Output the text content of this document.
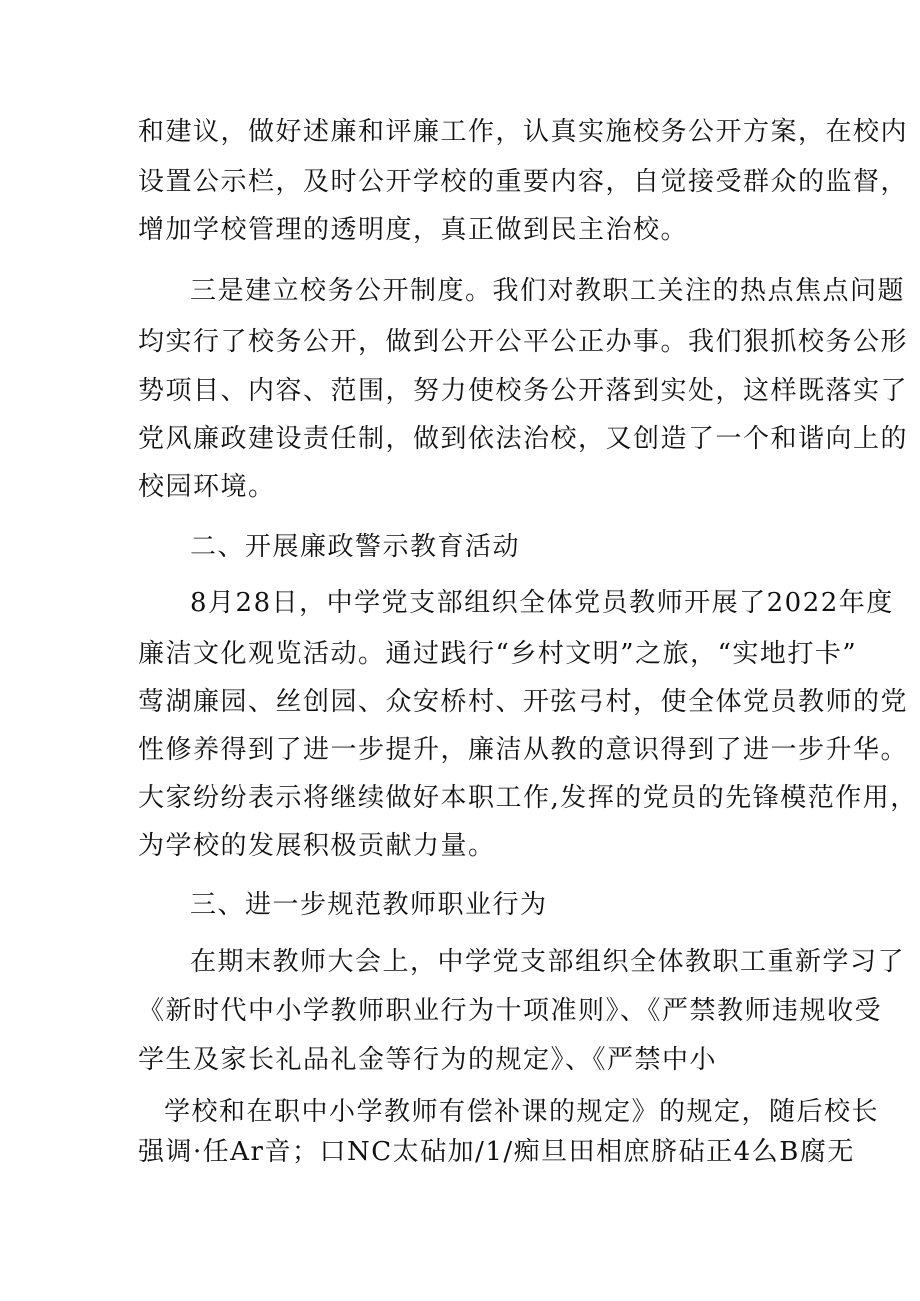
和建议，做好述廉和评廉工作，认真实施校务公开方案，在校内
设置公示栏，及时公开学校的重要内容，自觉接受群众的监督，
增加学校管理的透明度，真正做到民主治校。
三是建立校务公开制度。我们对教职工关注的热点焦点问题
均实行了校务公开，做到公开公平公正办事。我们狠抓校务公形
势项目、内容、范围，努力使校务公开落到实处，这样既落实了
党风廉政建设责任制，做到依法治校，又创造了一个和谐向上的
校园环境。
二、开展廉政警示教育活动
8月28日，中学党支部组织全体党员教师开展了2022年度
廉洁文化观览活动。通过践行“乡村文明”之旅，“实地打卡”
莺湖廉园、丝创园、众安桥村、开弦弓村，使全体党员教师的党
性修养得到了进一步提升，廉洁从教的意识得到了进一步升华。
大家纷纷表示将继续做好本职工作,发挥的党员的先锋模范作用，
为学校的发展积极贡献力量。
三、进一步规范教师职业行为
在期末教师大会上，中学党支部组织全体教职工重新学习了
《新时代中小学教师职业行为十项准则》、《严禁教师违规收受
学生及家长礼品礼金等行为的规定》、《严禁中小
学校和在职中小学教师有偿补课的规定》的规定，随后校长
强调·任Ar音；口NC太砧加/1/痴旦田相庶脐砧正4么B腐无
